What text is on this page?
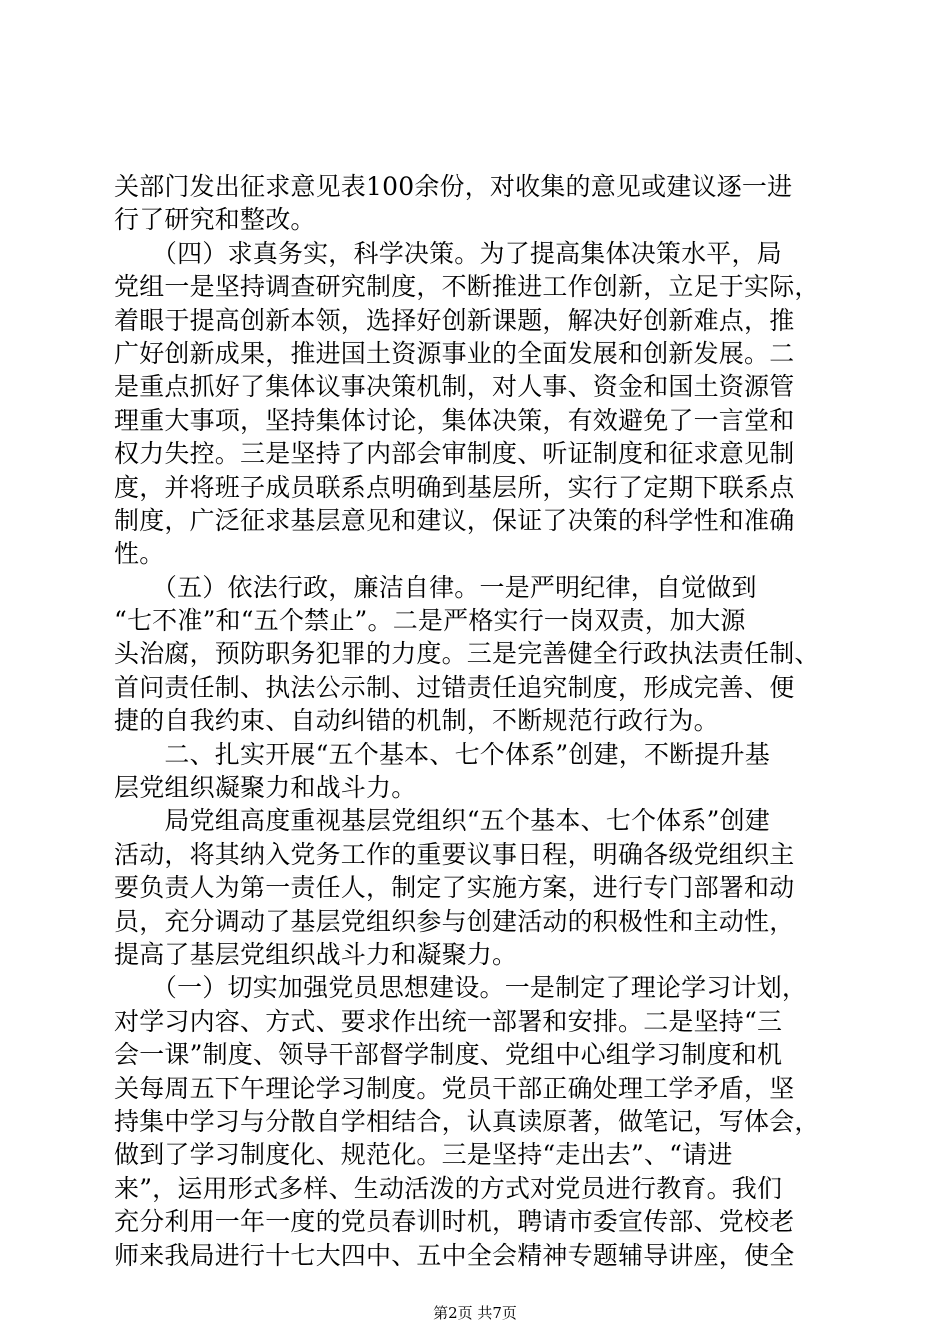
关部门发出征求意见表100余份，对收集的意见或建议逐一进
行了研究和整改。
　　（四）求真务实，科学决策。为了提高集体决策水平，局
党组一是坚持调查研究制度，不断推进工作创新，立足于实际，
着眼于提高创新本领，选择好创新课题，解决好创新难点，推
广好创新成果，推进国土资源事业的全面发展和创新发展。二
是重点抓好了集体议事决策机制，对人事、资金和国土资源管
理重大事项，坚持集体讨论，集体决策，有效避免了一言堂和
权力失控。三是坚持了内部会审制度、听证制度和征求意见制
度，并将班子成员联系点明确到基层所，实行了定期下联系点
制度，广泛征求基层意见和建议，保证了决策的科学性和准确
性。
　　（五）依法行政，廉洁自律。一是严明纪律，自觉做到
“七不准”和“五个禁止”。二是严格实行一岗双责，加大源
头治腐，预防职务犯罪的力度。三是完善健全行政执法责任制、
首问责任制、执法公示制、过错责任追究制度，形成完善、便
捷的自我约束、自动纠错的机制，不断规范行政行为。
　　二、扎实开展“五个基本、七个体系”创建，不断提升基
层党组织凝聚力和战斗力。
　　局党组高度重视基层党组织“五个基本、七个体系”创建
活动，将其纳入党务工作的重要议事日程，明确各级党组织主
要负责人为第一责任人，制定了实施方案，进行专门部署和动
员，充分调动了基层党组织参与创建活动的积极性和主动性，
提高了基层党组织战斗力和凝聚力。
　　（一）切实加强党员思想建设。一是制定了理论学习计划，
对学习内容、方式、要求作出统一部署和安排。二是坚持“三
会一课”制度、领导干部督学制度、党组中心组学习制度和机
关每周五下午理论学习制度。党员干部正确处理工学矛盾，坚
持集中学习与分散自学相结合，认真读原著，做笔记，写体会，
做到了学习制度化、规范化。三是坚持“走出去”、“请进
来”，运用形式多样、生动活泼的方式对党员进行教育。我们
充分利用一年一度的党员春训时机，聘请市委宣传部、党校老
师来我局进行十七大四中、五中全会精神专题辅导讲座，使全
第2页 共7页
